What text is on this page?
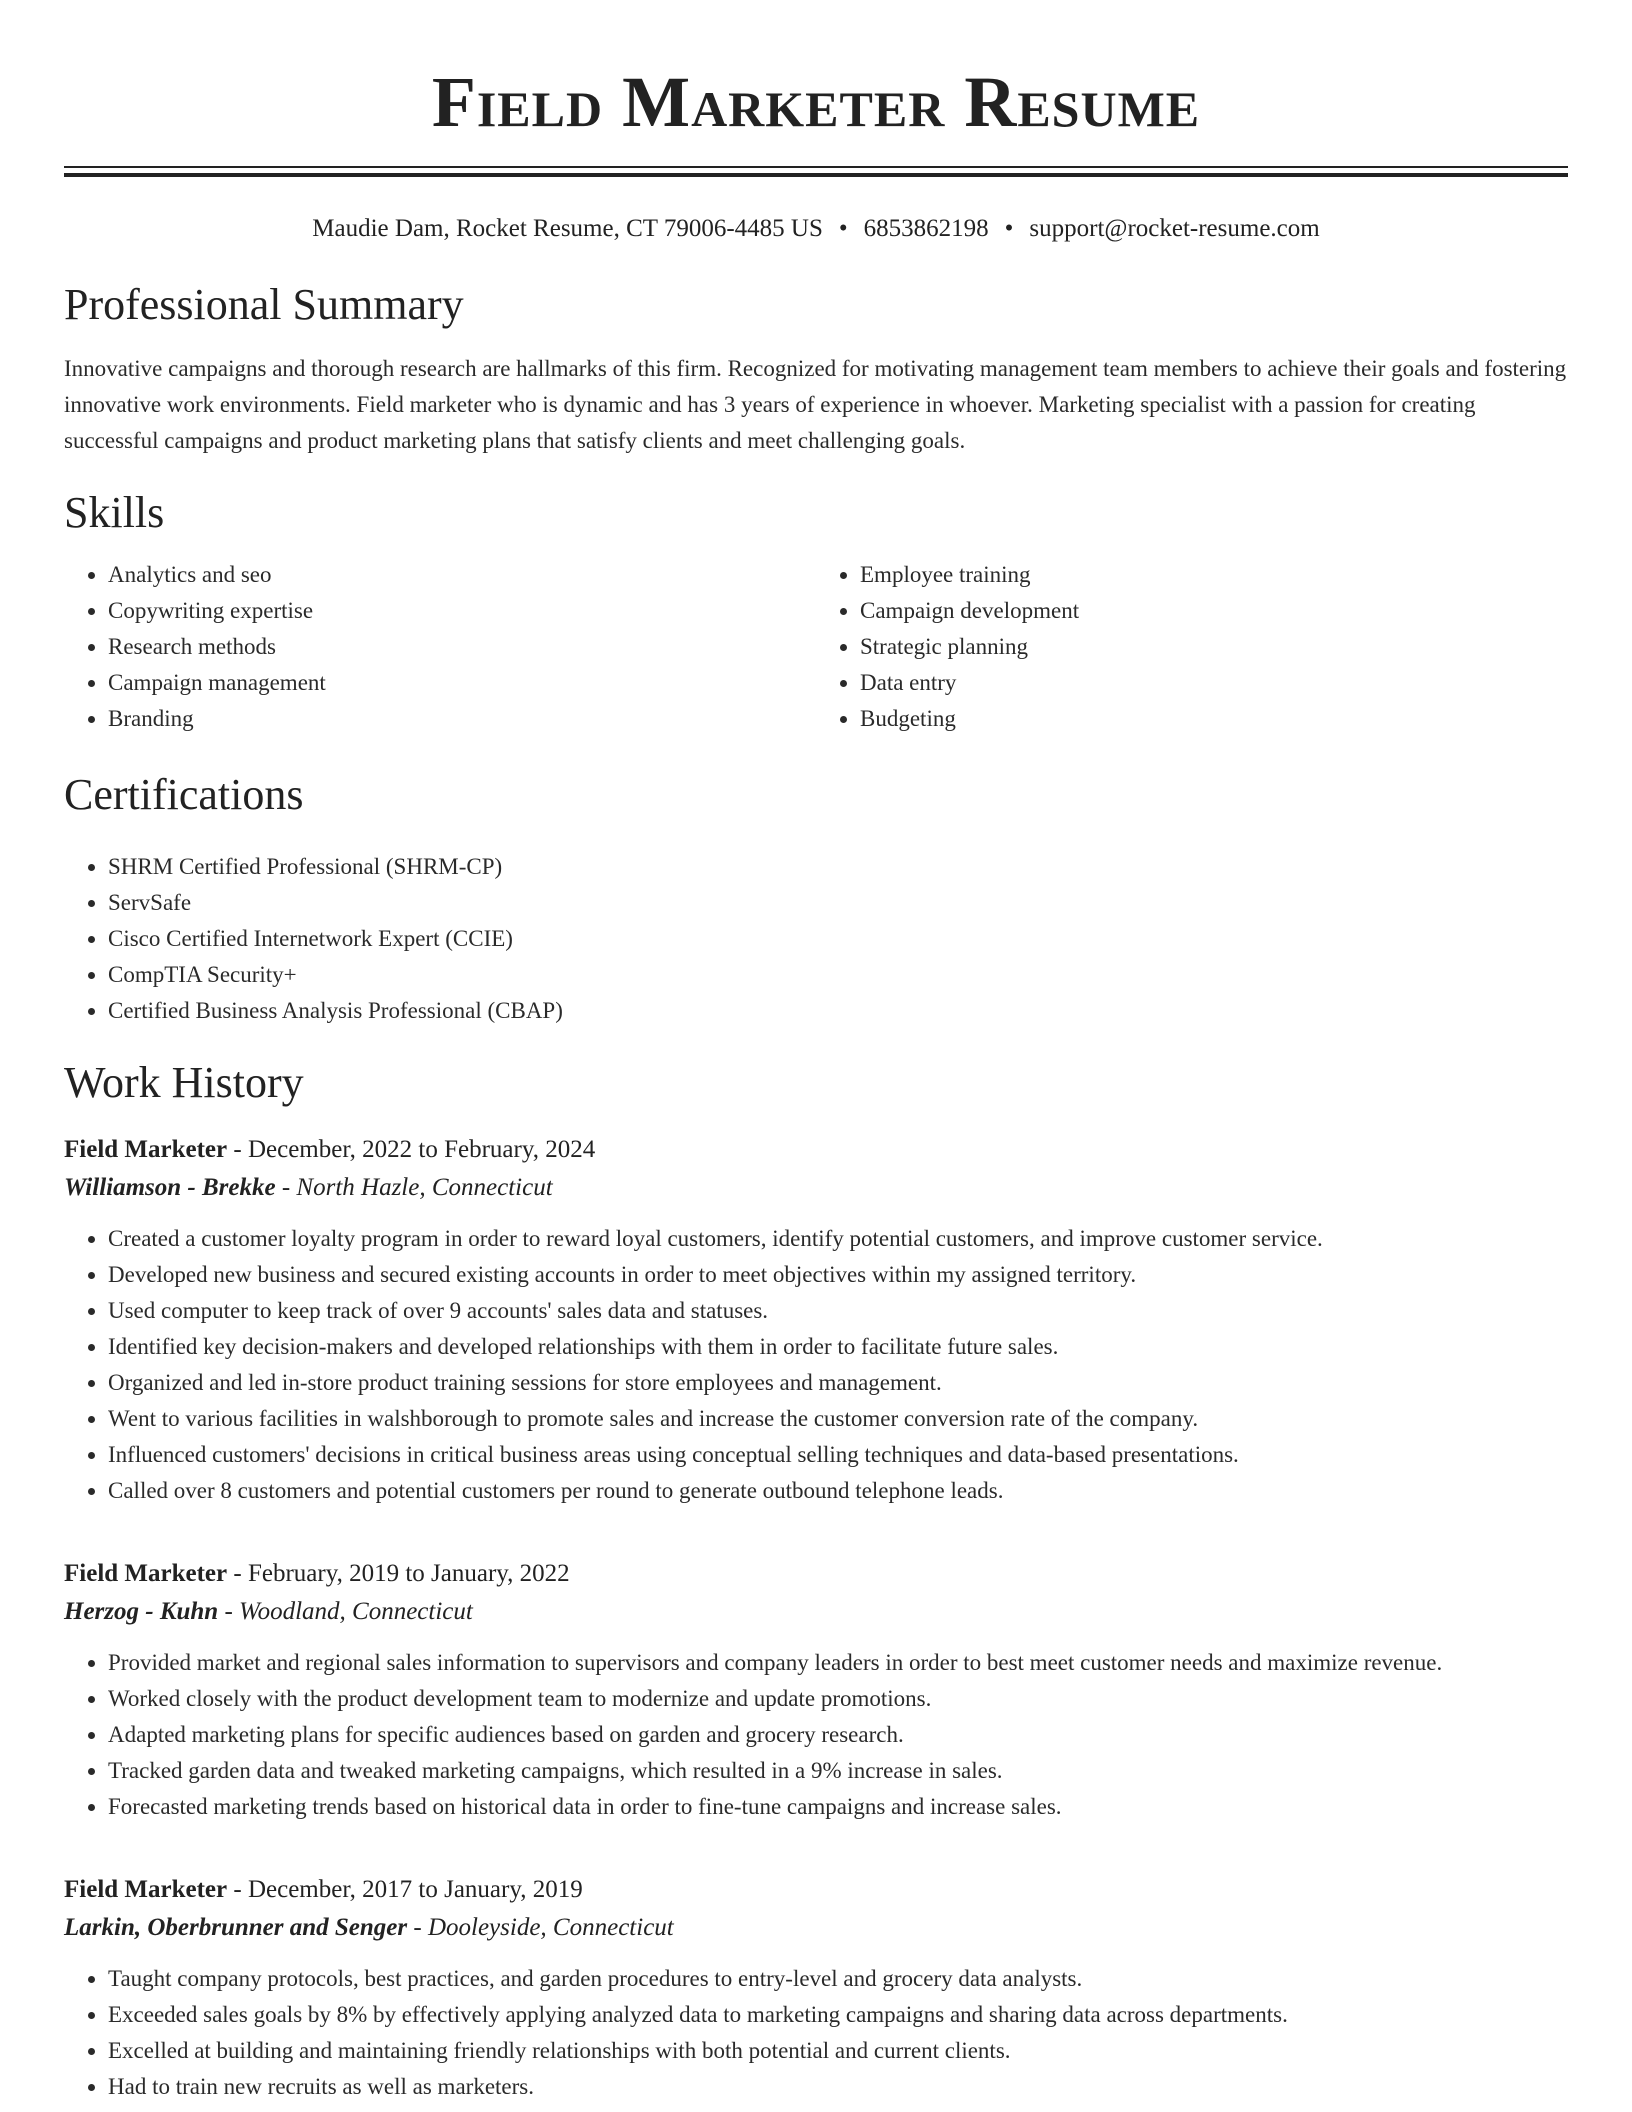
Field Marketer Resume
Maudie Dam, Rocket Resume, CT 79006-4485 US • 6853862198 • support@rocket-resume.com
Professional Summary

Innovative campaigns and thorough research are hallmarks of this firm. Recognized for motivating management team members to achieve their goals and fostering innovative work environments. Field marketer who is dynamic and has 3 years of experience in whoever. Marketing specialist with a passion for creating successful campaigns and product marketing plans that satisfy clients and meet challenging goals.

Skills
• Analytics and seo
• Copywriting expertise
• Research methods
• Campaign management
• Branding
• Employee training
• Campaign development
• Strategic planning
• Data entry
• Budgeting
Certifications
• SHRM Certified Professional (SHRM-CP)
• ServSafe
• Cisco Certified Internetwork Expert (CCIE)
• CompTIA Security+
• Certified Business Analysis Professional (CBAP)
Work History
Field Marketer - December, 2022 to February, 2024
Williamson - Brekke - North Hazle, Connecticut
• Created a customer loyalty program in order to reward loyal customers, identify potential customers, and improve customer service.
• Developed new business and secured existing accounts in order to meet objectives within my assigned territory.
• Used computer to keep track of over 9 accounts' sales data and statuses.
• Identified key decision-makers and developed relationships with them in order to facilitate future sales.
• Organized and led in-store product training sessions for store employees and management.
• Went to various facilities in walshborough to promote sales and increase the customer conversion rate of the company.
• Influenced customers' decisions in critical business areas using conceptual selling techniques and data-based presentations.
• Called over 8 customers and potential customers per round to generate outbound telephone leads.
Field Marketer - February, 2019 to January, 2022
Herzog - Kuhn - Woodland, Connecticut
• Provided market and regional sales information to supervisors and company leaders in order to best meet customer needs and maximize revenue.
• Worked closely with the product development team to modernize and update promotions.
• Adapted marketing plans for specific audiences based on garden and grocery research.
• Tracked garden data and tweaked marketing campaigns, which resulted in a 9% increase in sales.
• Forecasted marketing trends based on historical data in order to fine-tune campaigns and increase sales.
Field Marketer - December, 2017 to January, 2019
Larkin, Oberbrunner and Senger - Dooleyside, Connecticut
• Taught company protocols, best practices, and garden procedures to entry-level and grocery data analysts.
• Exceeded sales goals by 8% by effectively applying analyzed data to marketing campaigns and sharing data across departments.
• Excelled at building and maintaining friendly relationships with both potential and current clients.
• Had to train new recruits as well as marketers.
